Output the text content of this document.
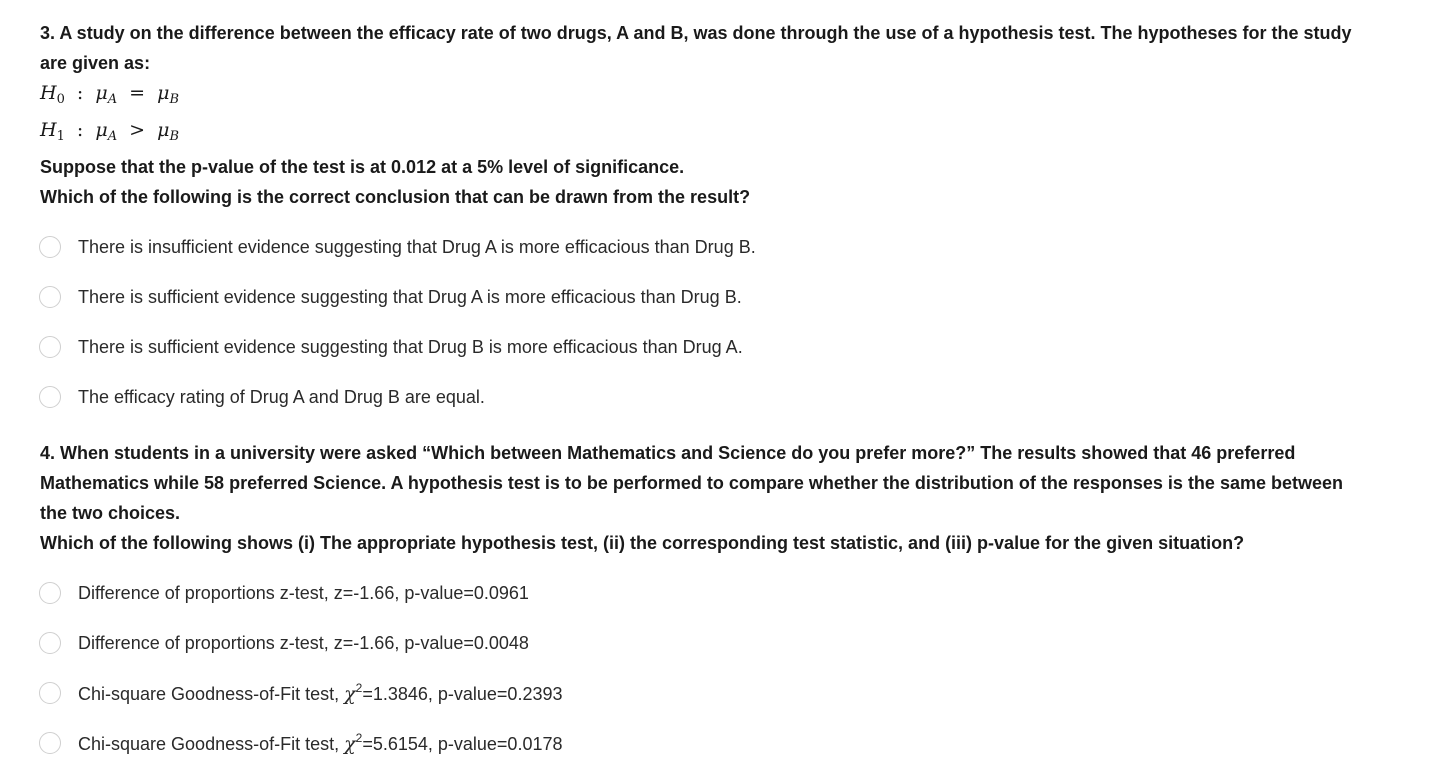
3. A study on the difference between the efficacy rate of two drugs, A and B, was done through the use of a hypothesis test. The hypotheses for the study
are given as:
$H_0$ : $\mu_A = \mu_B$
$H_1$ : $\mu_A > \mu_B$
Suppose that the p-value of the test is at 0.012 at a 5% level of significance.
Which of the following is the correct conclusion that can be drawn from the result?
There is insufficient evidence suggesting that Drug A is more efficacious than Drug B.
There is sufficient evidence suggesting that Drug A is more efficacious than Drug B.
There is sufficient evidence suggesting that Drug B is more efficacious than Drug A.
The efficacy rating of Drug A and Drug B are equal.
4. When students in a university were asked “Which between Mathematics and Science do you prefer more?” The results showed that 46 preferred
Mathematics while 58 preferred Science. A hypothesis test is to be performed to compare whether the distribution of the responses is the same between
the two choices.
Which of the following shows (i) The appropriate hypothesis test, (ii) the corresponding test statistic, and (iii) p-value for the given situation?
Difference of proportions z-test, z=-1.66, p-value=0.0961
Difference of proportions z-test, z=-1.66, p-value=0.0048
Chi-square Goodness-of-Fit test, $\chi^2=1.3846$, p-value=0.2393
Chi-square Goodness-of-Fit test, $\chi^2=5.6154$, p-value=0.0178
